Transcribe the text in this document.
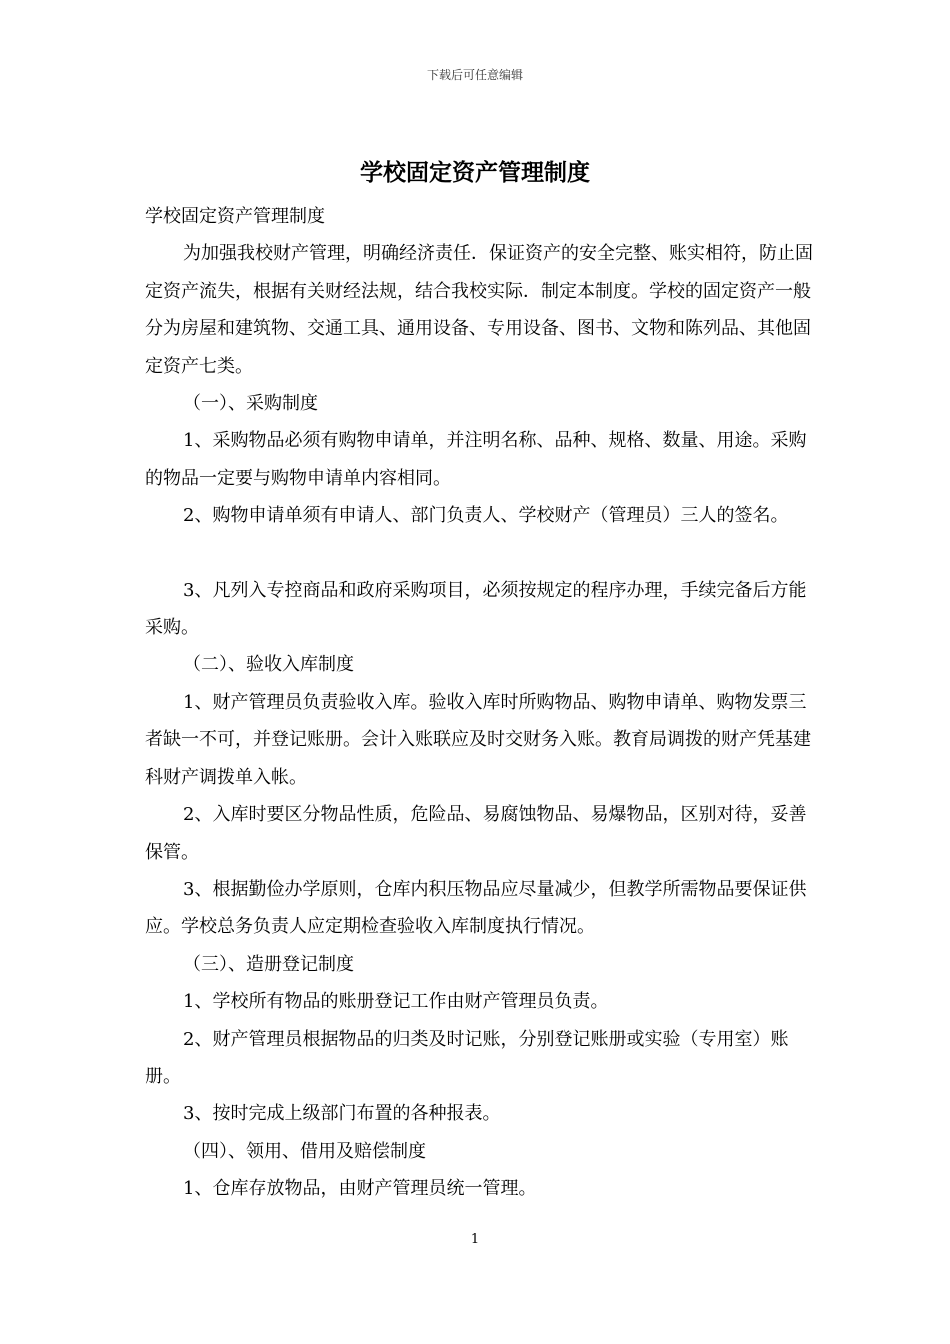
下载后可任意编辑
学校固定资产管理制度

学校固定资产管理制度

为加强我校财产管理，明确经济责任．保证资产的安全完整、账实相符，防止固定资产流失，根据有关财经法规，结合我校实际．制定本制度。学校的固定资产一般分为房屋和建筑物、交通工具、通用设备、专用设备、图书、文物和陈列品、其他固定资产七类。

（一）、采购制度

1、采购物品必须有购物申请单，并注明名称、品种、规格、数量、用途。采购的物品一定要与购物申请单内容相同。

2、购物申请单须有申请人、部门负责人、学校财产（管理员）三人的签名。

3、凡列入专控商品和政府采购项目，必须按规定的程序办理，手续完备后方能采购。

（二）、验收入库制度

1、财产管理员负责验收入库。验收入库时所购物品、购物申请单、购物发票三者缺一不可，并登记账册。会计入账联应及时交财务入账。教育局调拨的财产凭基建科财产调拨单入帐。

2、入库时要区分物品性质，危险品、易腐蚀物品、易爆物品，区别对待，妥善保管。

3、根据勤俭办学原则，仓库内积压物品应尽量减少，但教学所需物品要保证供应。学校总务负责人应定期检查验收入库制度执行情况。

（三）、造册登记制度

1、学校所有物品的账册登记工作由财产管理员负责。

2、财产管理员根据物品的归类及时记账，分别登记账册或实验（专用室）账册。

3、按时完成上级部门布置的各种报表。

（四）、领用、借用及赔偿制度

1、仓库存放物品，由财产管理员统一管理。

1
